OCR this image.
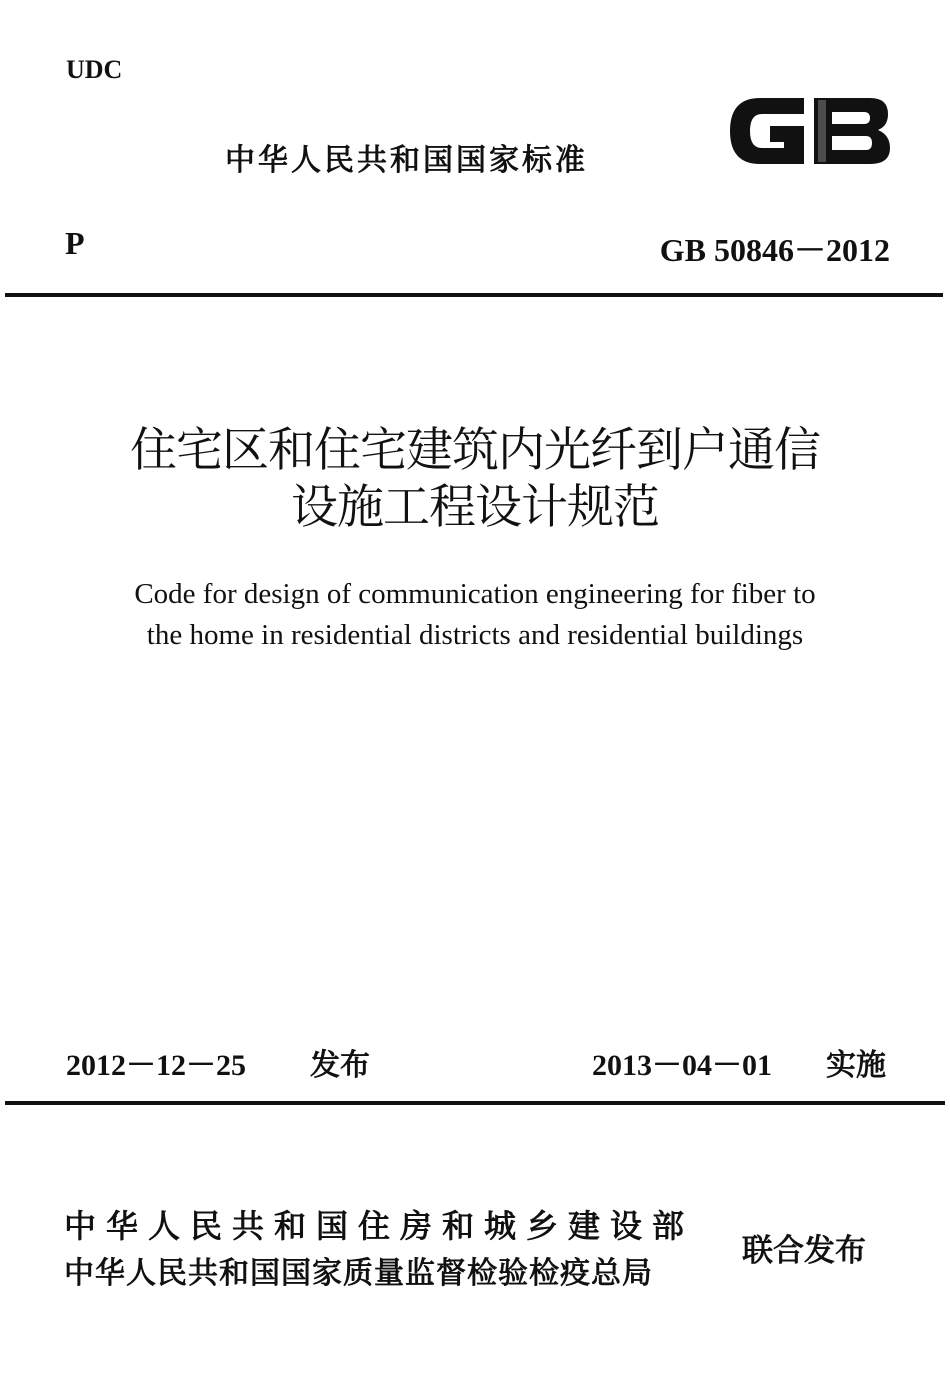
UDC
中华人民共和国国家标准
P	GB 50846－2012
住宅区和住宅建筑内光纤到户通信
设施工程设计规范
Code for design of communication engineering for fiber to
the home in residential districts and residential buildings
2012－12－25 发布	2013－04－01 实施
中华人民共和国住房和城乡建设部
中华人民共和国国家质量监督检验检疫总局
联合发布
